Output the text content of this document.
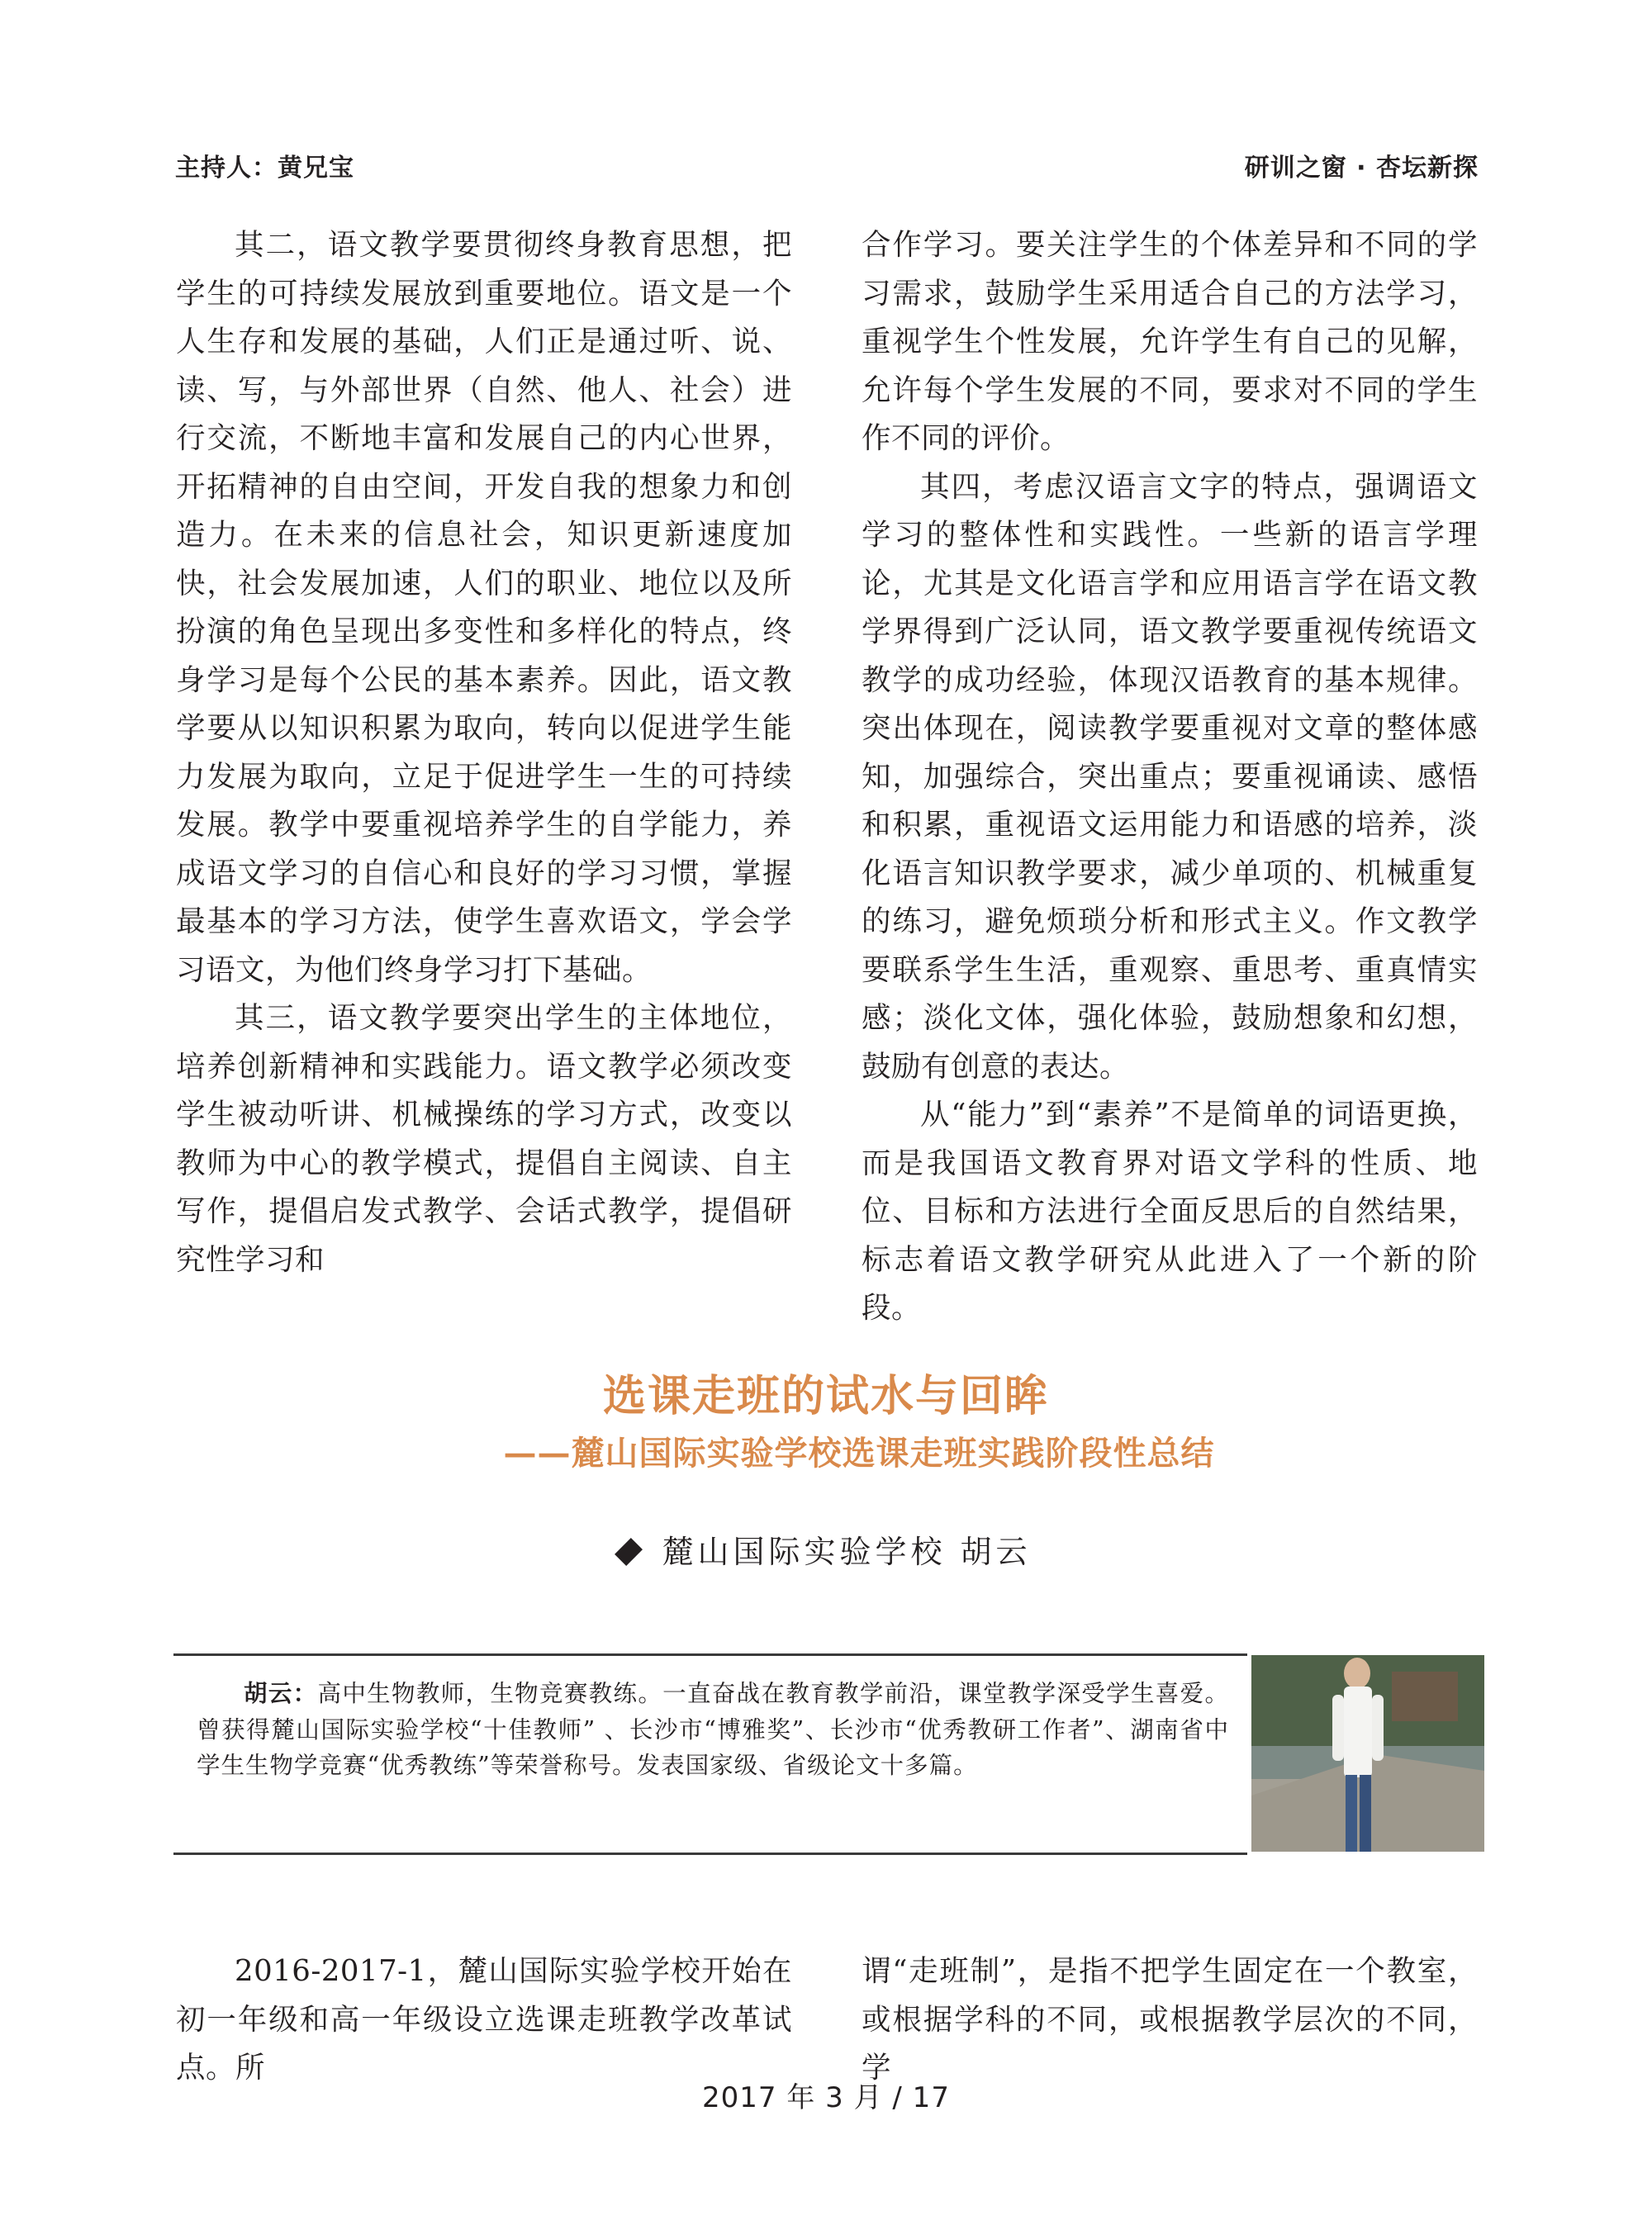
主持人：黄兄宝	研训之窗 · 杏坛新探

其二，语文教学要贯彻终身教育思想，把学生的可持续发展放到重要地位。语文是一个人生存和发展的基础，人们正是通过听、说、读、写，与外部世界（自然、他人、社会）进行交流，不断地丰富和发展自己的内心世界，开拓精神的自由空间，开发自我的想象力和创造力。在未来的信息社会，知识更新速度加快，社会发展加速，人们的职业、地位以及所扮演的角色呈现出多变性和多样化的特点，终身学习是每个公民的基本素养。因此，语文教学要从以知识积累为取向，转向以促进学生能力发展为取向，立足于促进学生一生的可持续发展。教学中要重视培养学生的自学能力，养成语文学习的自信心和良好的学习习惯，掌握最基本的学习方法，使学生喜欢语文，学会学习语文，为他们终身学习打下基础。

其三，语文教学要突出学生的主体地位，培养创新精神和实践能力。语文教学必须改变学生被动听讲、机械操练的学习方式，改变以教师为中心的教学模式，提倡自主阅读、自主写作，提倡启发式教学、会话式教学，提倡研究性学习和

合作学习。要关注学生的个体差异和不同的学习需求，鼓励学生采用适合自己的方法学习，重视学生个性发展，允许学生有自己的见解，允许每个学生发展的不同，要求对不同的学生作不同的评价。

其四，考虑汉语言文字的特点，强调语文学习的整体性和实践性。一些新的语言学理论，尤其是文化语言学和应用语言学在语文教学界得到广泛认同，语文教学要重视传统语文教学的成功经验，体现汉语教育的基本规律。突出体现在，阅读教学要重视对文章的整体感知，加强综合，突出重点；要重视诵读、感悟和积累，重视语文运用能力和语感的培养，淡化语言知识教学要求，减少单项的、机械重复的练习，避免烦琐分析和形式主义。作文教学要联系学生生活，重观察、重思考、重真情实感；淡化文体，强化体验，鼓励想象和幻想，鼓励有创意的表达。

从“能力”到“素养”不是简单的词语更换，而是我国语文教育界对语文学科的性质、地位、目标和方法进行全面反思后的自然结果，标志着语文教学研究从此进入了一个新的阶段。

选课走班的试水与回眸
——麓山国际实验学校选课走班实践阶段性总结
麓山国际实验学校 胡云
胡云：高中生物教师，生物竞赛教练。一直奋战在教育教学前沿，课堂教学深受学生喜爱。曾获得麓山国际实验学校“十佳教师” 、长沙市“博雅奖”、长沙市“优秀教研工作者”、湖南省中学生生物学竞赛“优秀教练”等荣誉称号。发表国家级、省级论文十多篇。

2016-2017-1，麓山国际实验学校开始在初一年级和高一年级设立选课走班教学改革试点。所

谓“走班制”，是指不把学生固定在一个教室，或根据学科的不同，或根据教学层次的不同，学

2017 年 3 月 / 17
